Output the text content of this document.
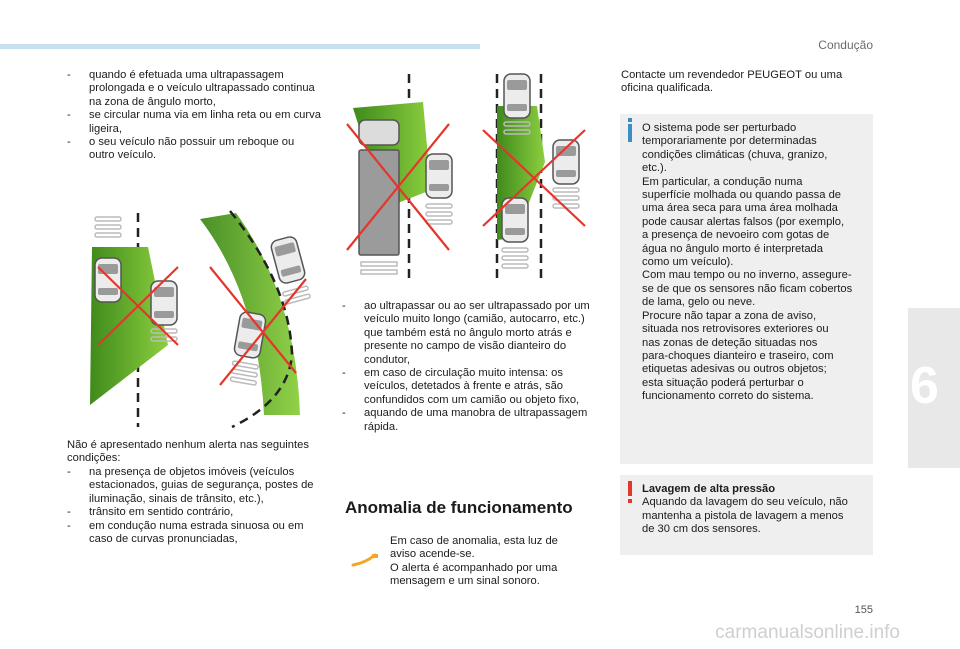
Condução
- quando é efetuada uma ultrapassagem prolongada e o veículo ultrapassado continua na zona de ângulo morto,
- se circular numa via em linha reta ou em curva ligeira,
- o seu veículo não possuir um reboque ou outro veículo.

Não é apresentado nenhum alerta nas seguintes condições:

- na presença de objetos imóveis (veículos estacionados, guias de segurança, postes de iluminação, sinais de trânsito, etc.),
- trânsito em sentido contrário,
- em condução numa estrada sinuosa ou em caso de curvas pronunciadas,
- ao ultrapassar ou ao ser ultrapassado por um veículo muito longo (camião, autocarro, etc.) que também está no ângulo morto atrás e presente no campo de visão dianteiro do condutor,
- em caso de circulação muito intensa: os veículos, detetados à frente e atrás, são confundidos com um camião ou objeto fixo,
- aquando de uma manobra de ultrapassagem rápida.
Anomalia de funcionamento

Em caso de anomalia, esta luz de

aviso acende-se.

O alerta é acompanhado por uma

mensagem e um sinal sonoro.

Contacte um revendedor PEUGEOT ou uma

oficina qualificada.

O sistema pode ser perturbado

temporariamente por determinadas

condições climáticas (chuva, granizo,

etc.).

Em particular, a condução numa

superfície molhada ou quando passa de

uma área seca para uma área molhada

pode causar alertas falsos (por exemplo,

a presença de nevoeiro com gotas de

água no ângulo morto é interpretada

como um veículo).

Com mau tempo ou no inverno, assegure-

se de que os sensores não ficam cobertos

de lama, gelo ou neve.

Procure não tapar a zona de aviso,

situada nos retrovisores exteriores ou

nas zonas de deteção situadas nos

para-choques dianteiro e traseiro, com

etiquetas adesivas ou outros objetos;

esta situação poderá perturbar o

funcionamento correto do sistema.

Lavagem de alta pressão

Aquando da lavagem do seu veículo, não

mantenha a pistola de lavagem a menos

de 30 cm dos sensores.

6
155
carmanualsonline.info
